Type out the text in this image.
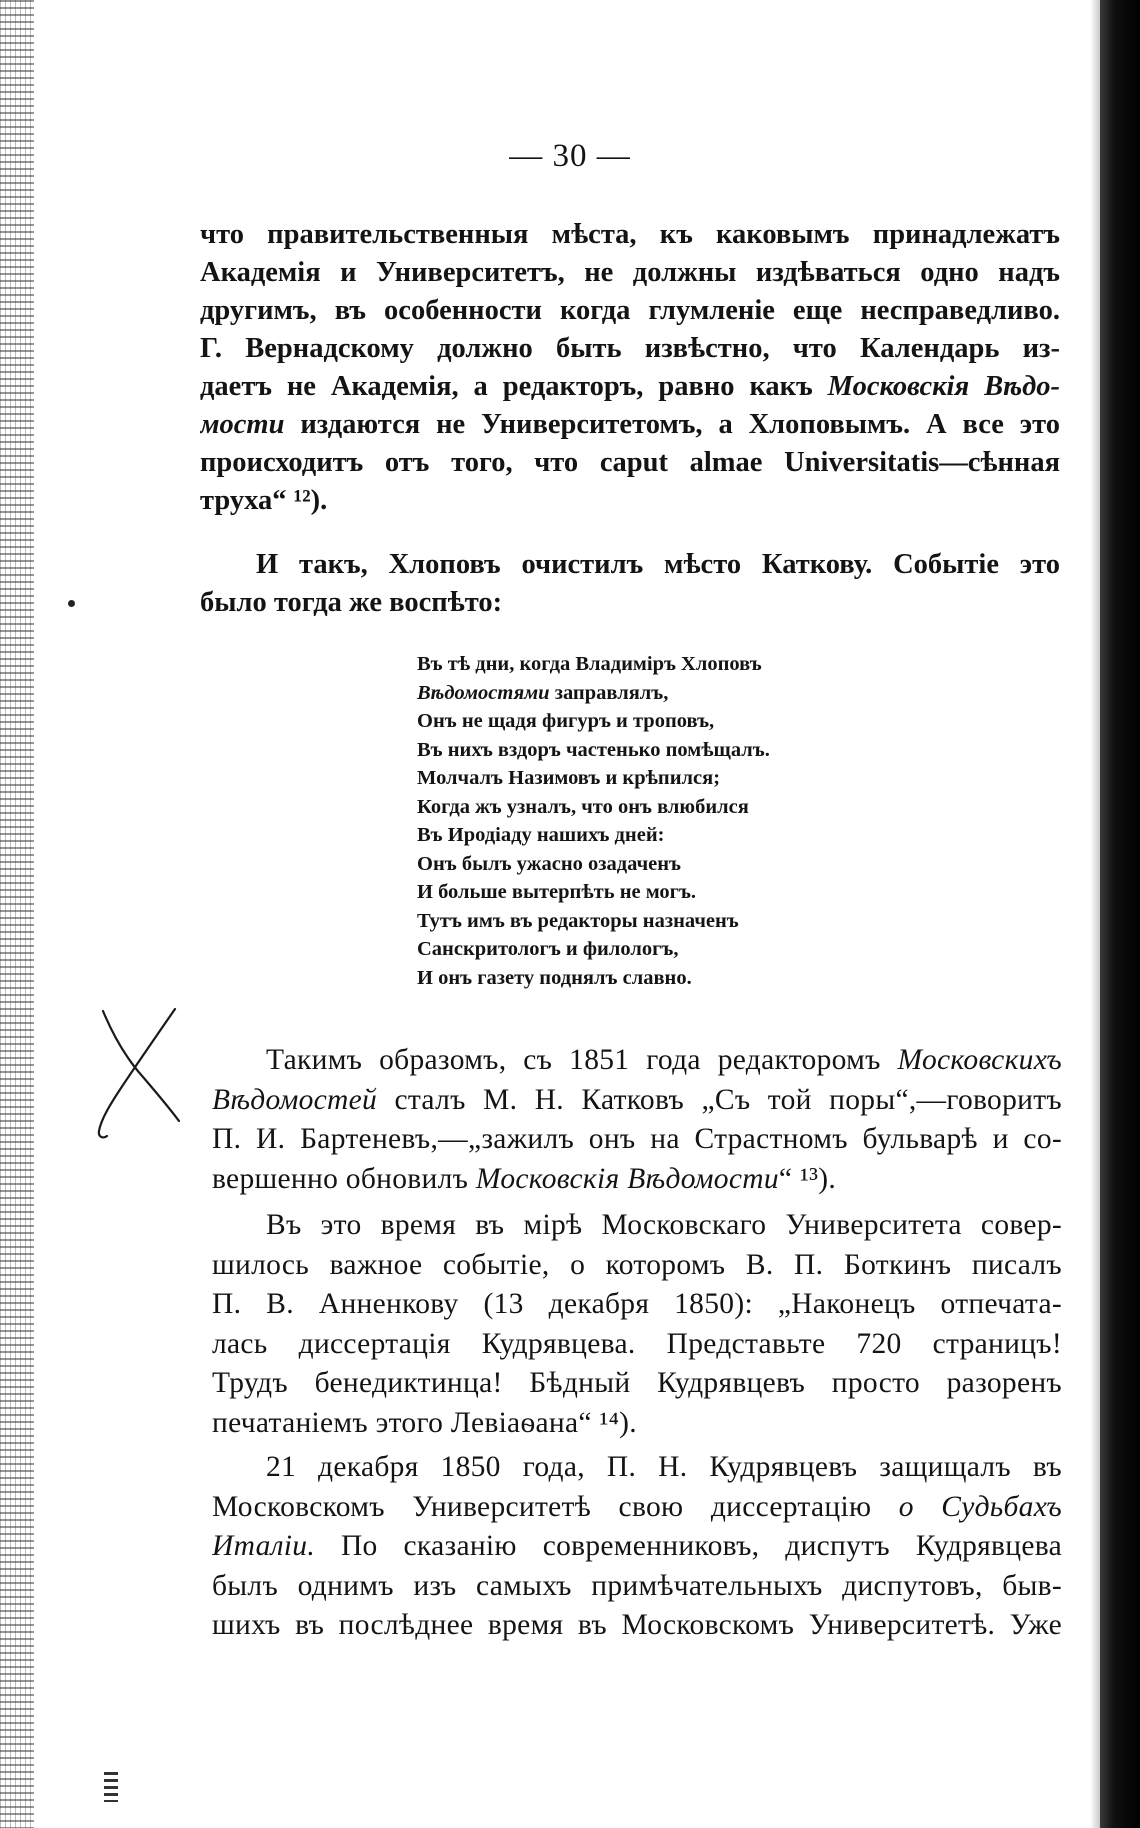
— 30 —
что правительственныя мѣста, къ каковымъ принадлежатъ
Академія и Университетъ, не должны издѣваться одно надъ
другимъ, въ особенности когда глумленіе еще несправедливо.
Г. Вернадскому должно быть извѣстно, что Календарь из-
даетъ не Академія, а редакторъ, равно какъ Московскія Вѣдо-
мости издаются не Университетомъ, а Хлоповымъ. А все это
происходитъ отъ того, что caput almae Universitatis—сѣнная
труха“ ¹²).
И такъ, Хлоповъ очистилъ мѣсто Каткову. Событіе это
было тогда же воспѣто:
Въ тѣ дни, когда Владиміръ Хлоповъ
Вѣдомостями заправлялъ,
Онъ не щадя фигуръ и троповъ,
Въ нихъ вздоръ частенько помѣщалъ.
Молчалъ Назимовъ и крѣпился;
Когда жъ узналъ, что онъ влюбился
Въ Иродіаду нашихъ дней:
Онъ былъ ужасно озадаченъ
И больше вытерпѣть не могъ.
Тутъ имъ въ редакторы назначенъ
Санскритологъ и филологъ,
И онъ газету поднялъ славно.
Такимъ образомъ, съ 1851 года редакторомъ Московскихъ
Вѣдомостей сталъ М. Н. Катковъ „Съ той поры“,—говоритъ
П. И. Бартеневъ,—„зажилъ онъ на Страстномъ бульварѣ и со-
вершенно обновилъ Московскія Вѣдомости“ ¹³).
Въ это время въ мірѣ Московскаго Университета совер-
шилось важное событіе, о которомъ В. П. Боткинъ писалъ
П. В. Анненкову (13 декабря 1850): „Наконецъ отпечата-
лась диссертація Кудрявцева. Представьте 720 страницъ!
Трудъ бенедиктинца! Бѣдный Кудрявцевъ просто разоренъ
печатаніемъ этого Левіаѳана“ ¹⁴).
21 декабря 1850 года, П. Н. Кудрявцевъ защищалъ въ
Московскомъ Университетѣ свою диссертацію о Судьбахъ
Италіи. По сказанію современниковъ, диспутъ Кудрявцева
былъ однимъ изъ самыхъ примѣчательныхъ диспутовъ, быв-
шихъ въ послѣднее время въ Московскомъ Университетѣ. Уже
